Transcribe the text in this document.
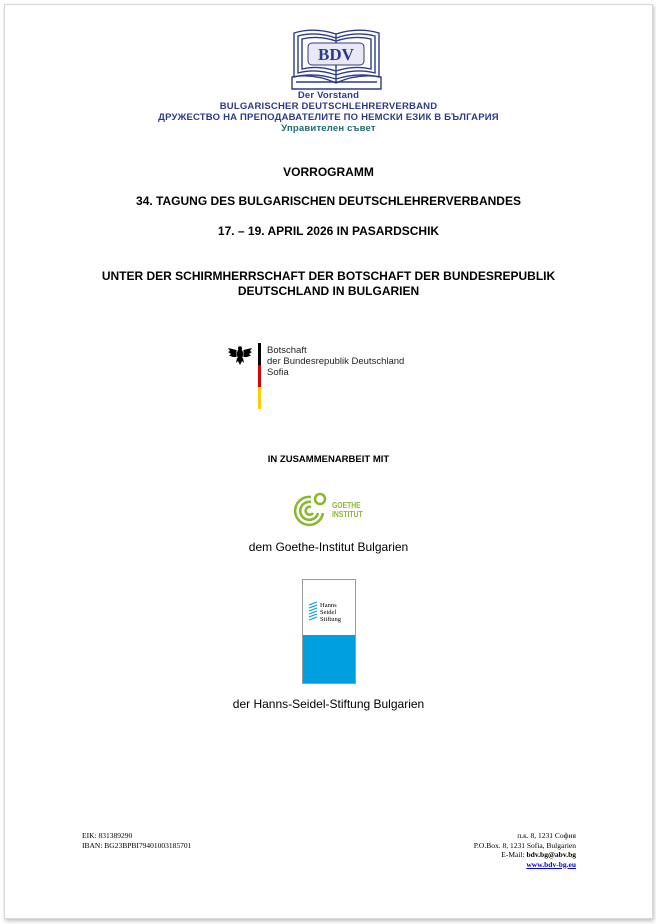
BDV
Der Vorstand
BULGARISCHER DEUTSCHLEHRERVERBAND
ДРУЖЕСТВО НА ПРЕПОДАВАТЕЛИТЕ ПО НЕМСКИ ЕЗИК В БЪЛГАРИЯ
Управителен съвет
VORROGRAMM
34. TAGUNG DES BULGARISCHEN DEUTSCHLEHRERVERBANDES
17. – 19. APRIL 2026 IN PASARDSCHIK
UNTER DER SCHIRMHERRSCHAFT DER BOTSCHAFT DER BUNDESREPUBLIK
DEUTSCHLAND IN BULGARIEN
Botschaft
der Bundesrepublik Deutschland
Sofia
IN ZUSAMMENARBEIT MIT
GOETHE
INSTITUT
dem Goethe-Institut Bulgarien
Hanns
Seidel
Stiftung
der Hanns-Seidel-Stiftung Bulgarien
EIK: 831389290
IBAN: BG23BPBI79401003185701
п.к. 8, 1231 София
P.O.Box. 8, 1231 Sofia, Bulgarien
E-Mail: bdv.bg@abv.bg
www.bdv-bg.eu
